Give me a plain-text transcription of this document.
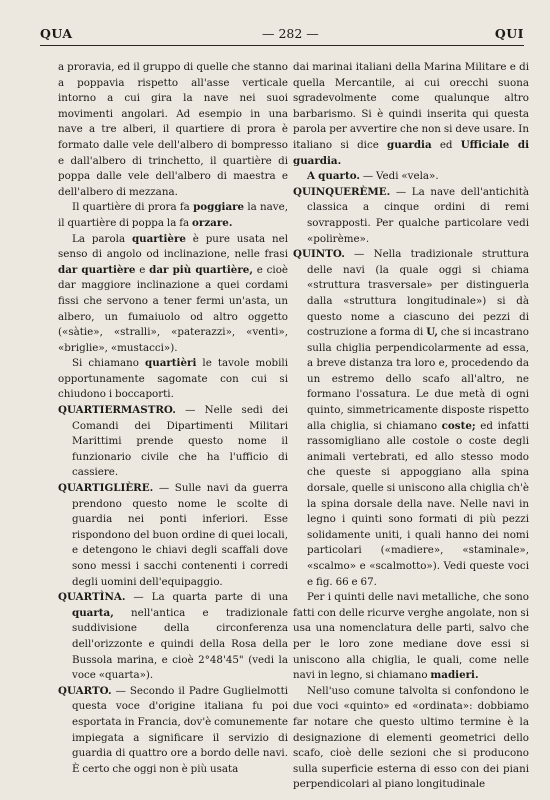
QUA	— 282 —	QUI

a proravia, ed il gruppo di quelle che stanno a poppavia rispetto all'asse verticale intorno a cui gira la nave nei suoi movimenti angolari. Ad esempio in una nave a tre alberi, il quartiere di prora è formato dalle vele dell'albero di bompresso e dall'albero di trinchetto, il quartière di poppa dalle vele dell'albero di maestra e dell'albero di mezzana.

Il quartière di prora fa poggiare la nave, il quartière di poppa la fa orzare.

La parola quartière è pure usata nel senso di angolo od inclinazione, nelle frasi dar quartière e dar più quartière, e cioè dar maggiore inclinazione a quei cordami fissi che servono a tener fermi un'asta, un albero, un fumaiuolo od altro oggetto («sàtie», «stralli», «paterazzi», «venti», «briglie», «mustacci»).

Si chiamano quartièri le tavole mobili opportunamente sagomate con cui si chiudono i boccaporti.

QUARTIERMASTRO. — Nelle sedi dei Comandi dei Dipartimenti Militari Marittimi prende questo nome il funzionario civile che ha l'ufficio di cassiere.

QUARTIGLIÈRE. — Sulle navi da guerra prendono questo nome le scolte di guardia nei ponti inferiori. Esse rispondono del buon ordine di quei locali, e detengono le chiavi degli scaffali dove sono messi i sacchi contenenti i corredi degli uomini dell'equipaggio.

QUARTÌNA. — La quarta parte di una quarta, nell'antica e tradizionale suddivisione della circonferenza dell'orizzonte e quindi della Rosa della Bussola marina, e cioè 2°48'45" (vedi la voce «quarta»).

QUARTO. — Secondo il Padre Guglielmotti questa voce d'origine italiana fu poi esportata in Francia, dov'è comunemente impiegata a significare il servizio di guardia di quattro ore a bordo delle navi. È certo che oggi non è più usata

dai marinai italiani della Marina Militare e di quella Mercantile, ai cui orecchi suona sgradevolmente come qualunque altro barbarismo. Si è quindi inserita qui questa parola per avvertire che non si deve usare. In italiano si dice guardia ed Ufficiale di guardia.

A quarto. — Vedi «vela».

QUINQUERÈME. — La nave dell'antichità classica a cinque ordini di remi sovrapposti. Per qualche particolare vedi «polirème».

QUINTO. — Nella tradizionale struttura delle navi (la quale oggi si chiama «struttura trasversale» per distinguerla dalla «struttura longitudinale») si dà questo nome a ciascuno dei pezzi di costruzione a forma di U, che si incastrano sulla chiglia perpendicolarmente ad essa, a breve distanza tra loro e, procedendo da un estremo dello scafo all'altro, ne formano l'ossatura. Le due metà di ogni quinto, simmetricamente disposte rispetto alla chiglia, si chiamano coste; ed infatti rassomigliano alle costole o coste degli animali vertebrati, ed allo stesso modo che queste si appoggiano alla spina dorsale, quelle si uniscono alla chiglia ch'è la spina dorsale della nave. Nelle navi in legno i quinti sono formati di più pezzi solidamente uniti, i quali hanno dei nomi particolari («madiere», «staminale», «scalmo» e «scalmotto»). Vedi queste voci e fig. 66 e 67.

Per i quinti delle navi metalliche, che sono fatti con delle ricurve verghe angolate, non si usa una nomenclatura delle parti, salvo che per le loro zone mediane dove essi si uniscono alla chiglia, le quali, come nelle navi in legno, si chiamano madieri.

Nell'uso comune talvolta si confondono le due voci «quinto» ed «ordinata»: dobbiamo far notare che questo ultimo termine è la designazione di elementi geometrici dello scafo, cioè delle sezioni che si producono sulla superficie esterna di esso con dei piani perpendicolari al piano longitudinale
